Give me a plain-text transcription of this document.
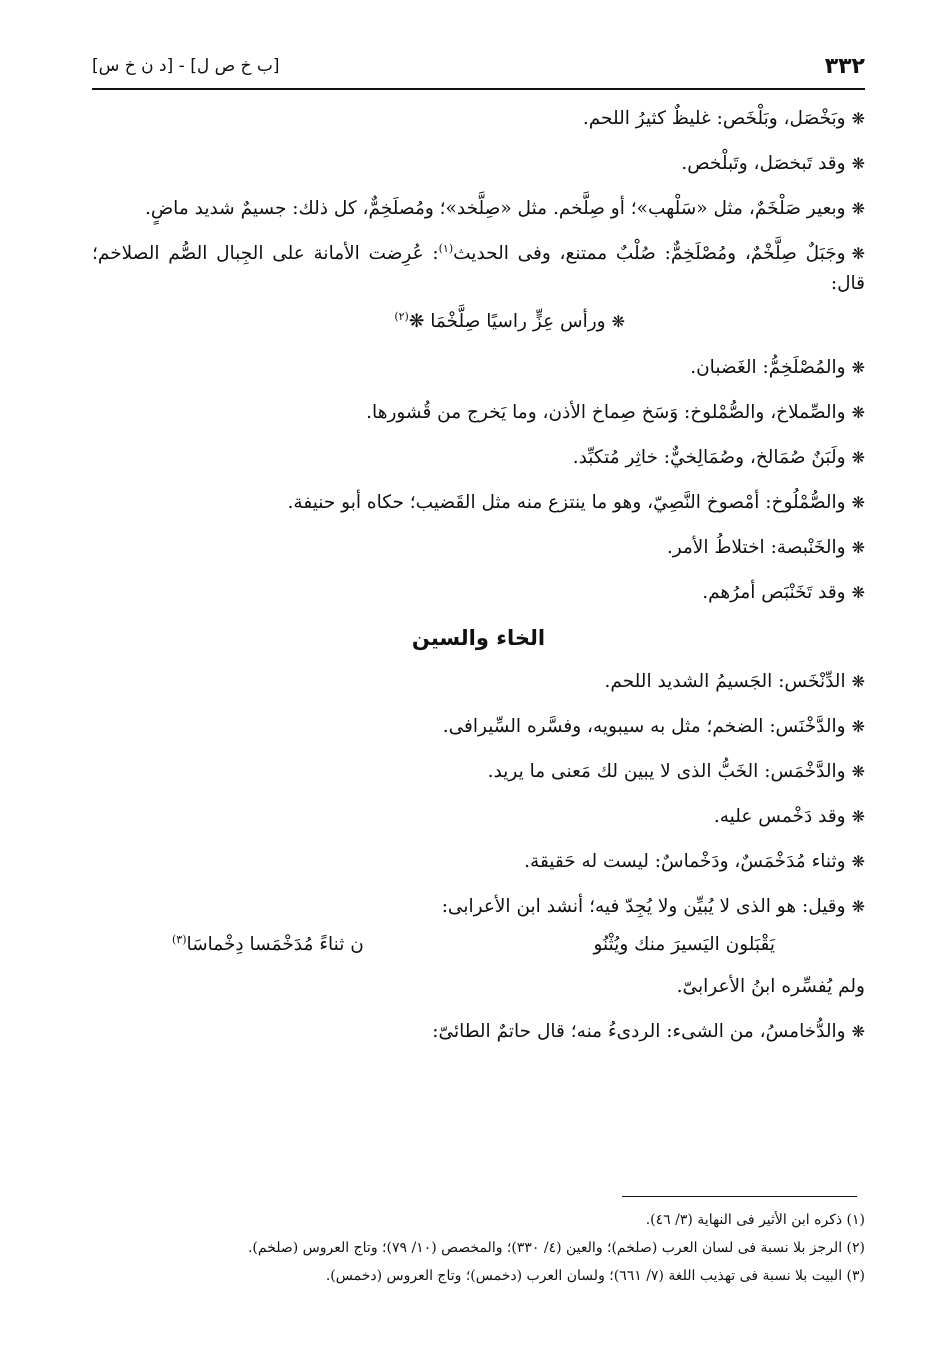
٣٣٢
[ب خ ص ل] - [د ن خ س]

❋وبَخْصَل، وبَلْخَص: غليظٌ كثيرُ اللحم.

❋وقد تَبخصَل، وتَبلْخص.

❋وبعير صَلْخَمٌ، مثل «سَلْهب»؛ أو صِلَّخم. مثل «صِلَّخد»؛ ومُصلَخِمٌّ، كل ذلك: جسيمٌ شديد ماضٍ.

❋وجَبَلٌ صِلَّخْمٌ، ومُصْلَخِمٌّ: صُلْبٌ ممتنع، وفى الحديث$^{(١)}$: عُرِضت الأمانة على الجِبال الصُّم الصلاخم؛ قال:

❋ورأس عِزٍّ راسيًا صِلَّخْمَا ❋$^{(٢)}$

❋والمُصْلَخِمُّ: الغَضبان.

❋والصِّملاخ، والصُّمْلوخ: وَسَخ صِماخ الأذن، وما يَخرج من قُشورها.

❋ولَبَنٌ صُمَالخ، وصُمَالِخيٌّ: خاثِر مُتكبِّد.

❋والصُّمْلُوخ: أمْصوخ النَّصِيّ، وهو ما ينتزع منه مثل القَضيب؛ حكاه أبو حنيفة.

❋والخَنْبصة: اختلاطُ الأمر.

❋وقد تَخَنْبَص أمرُهم.

الخاء والسين

❋الدِّنْخَس: الجَسيمُ الشديد اللحم.

❋والدَّخْنَس: الضخم؛ مثل به سيبويه، وفسَّره السِّيرافى.

❋والدَّخْمَس: الخَبُّ الذى لا يبين لك مَعنى ما يريد.

❋وقد دَخْمس عليه.

❋وثناء مُدَخْمَسٌ، ودَخْماسٌ: ليست له حَقيقة.

❋وقيل: هو الذى لا يُبيِّن ولا يُجِدّ فيه؛ أنشد ابن الأعرابى:

يَقْبَلون اليَسيرَ منك ويُثْنُو
ن ثناءً مُدَخْمَسا دِخْماسَا$^{(٣)}$

ولم يُفسِّره ابنُ الأعرابىّ.

❋والدُّخامسُ، من الشىء: الردىءُ منه؛ قال حاتمٌ الطائىّ:

(١) ذكره ابن الأثير فى النهاية (٣/ ٤٦).
(٢) الرجز بلا نسبة فى لسان العرب (صلخم)؛ والعين (٤/ ٣٣٠)؛ والمخصص (١٠/ ٧٩)؛ وتاج العروس (صلخم).
(٣) البيت بلا نسبة فى تهذيب اللغة (٧/ ٦٦١)؛ ولسان العرب (دخمس)؛ وتاج العروس (دخمس).
